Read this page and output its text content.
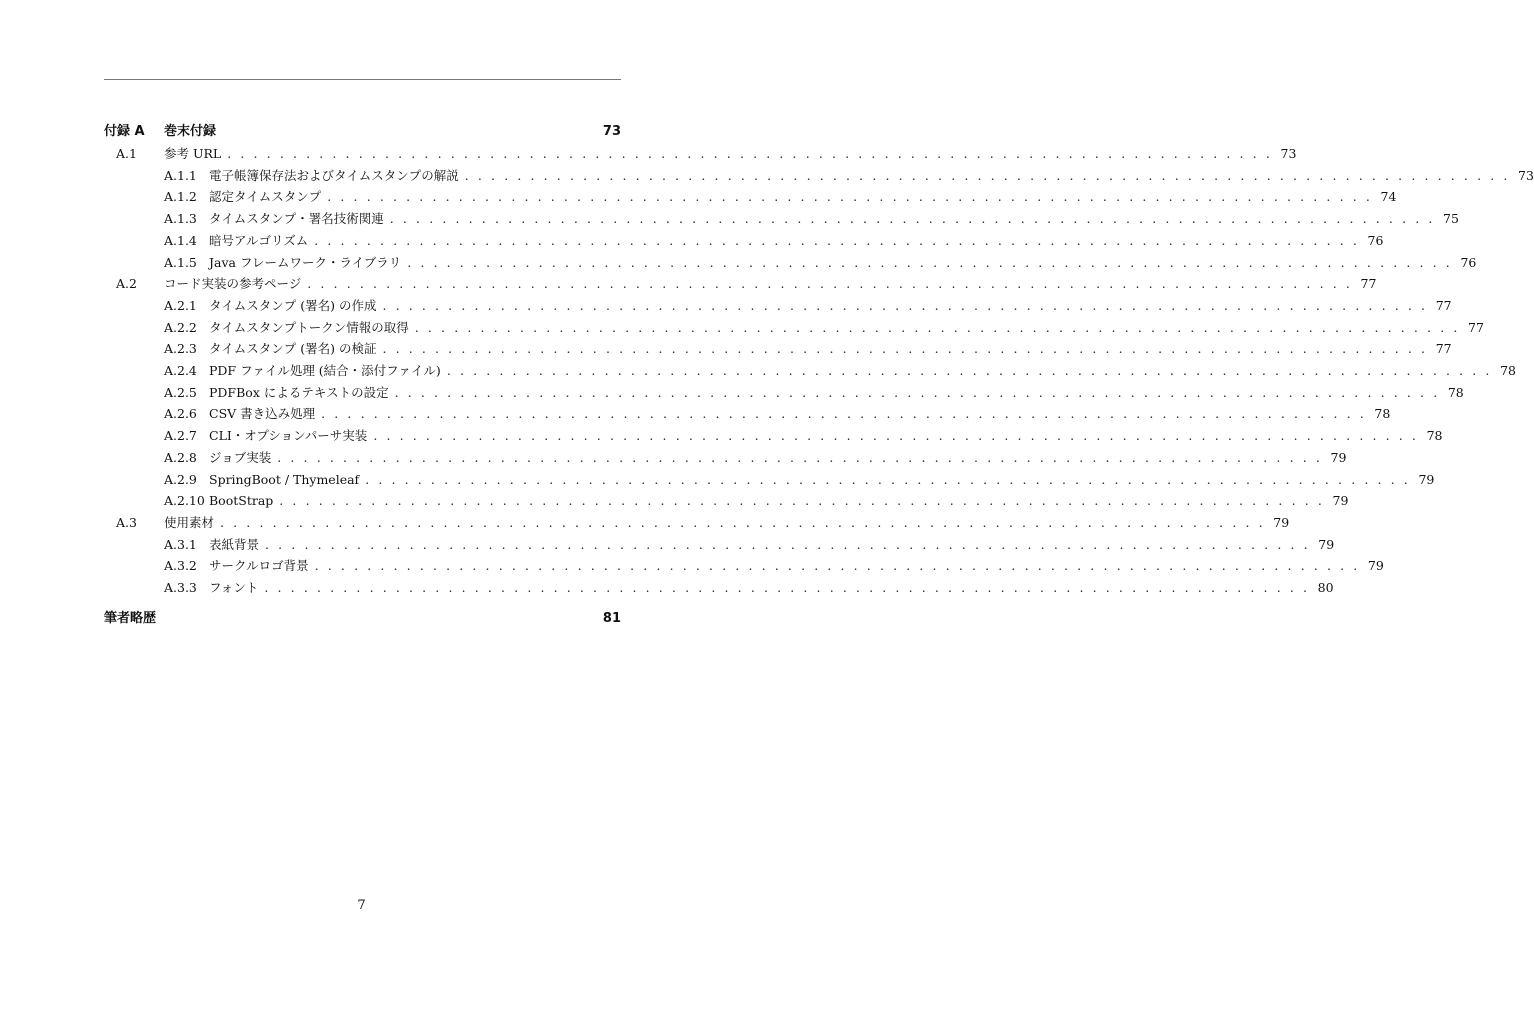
付録 A	巻末付録	73
A.1	参考 URL . . . . . . . . . . . . . . . . . . . . . . . . . . . . . . . . . . . . . . . . . . . . . . . . . . . . . . . . . . . . . . . . . . . . . . . . . . . . . . . . 73
A.1.1 電子帳簿保存法およびタイムスタンプの解説 . . . . . . . . . . . . . . . . . . . . . . . . . . . . . . . . . . . . . . . . . . . . . . . . . . . . . . . . . . . . . . . . . . . . . . . . . . . . . . . . 73
A.1.2 認定タイムスタンプ . . . . . . . . . . . . . . . . . . . . . . . . . . . . . . . . . . . . . . . . . . . . . . . . . . . . . . . . . . . . . . . . . . . . . . . . . . . . . . . . 74
A.1.3 タイムスタンプ・署名技術関連 . . . . . . . . . . . . . . . . . . . . . . . . . . . . . . . . . . . . . . . . . . . . . . . . . . . . . . . . . . . . . . . . . . . . . . . . . . . . . . . . 75
A.1.4 暗号アルゴリズム . . . . . . . . . . . . . . . . . . . . . . . . . . . . . . . . . . . . . . . . . . . . . . . . . . . . . . . . . . . . . . . . . . . . . . . . . . . . . . . . 76
A.1.5 Java フレームワーク・ライブラリ . . . . . . . . . . . . . . . . . . . . . . . . . . . . . . . . . . . . . . . . . . . . . . . . . . . . . . . . . . . . . . . . . . . . . . . . . . . . . . . . 76
A.2	コード実装の参考ページ . . . . . . . . . . . . . . . . . . . . . . . . . . . . . . . . . . . . . . . . . . . . . . . . . . . . . . . . . . . . . . . . . . . . . . . . . . . . . . . . 77
A.2.1 タイムスタンプ (署名) の作成 . . . . . . . . . . . . . . . . . . . . . . . . . . . . . . . . . . . . . . . . . . . . . . . . . . . . . . . . . . . . . . . . . . . . . . . . . . . . . . . . 77
A.2.2 タイムスタンプトークン情報の取得 . . . . . . . . . . . . . . . . . . . . . . . . . . . . . . . . . . . . . . . . . . . . . . . . . . . . . . . . . . . . . . . . . . . . . . . . . . . . . . . . 77
A.2.3 タイムスタンプ (署名) の検証 . . . . . . . . . . . . . . . . . . . . . . . . . . . . . . . . . . . . . . . . . . . . . . . . . . . . . . . . . . . . . . . . . . . . . . . . . . . . . . . . 77
A.2.4 PDF ファイル処理 (結合・添付ファイル) . . . . . . . . . . . . . . . . . . . . . . . . . . . . . . . . . . . . . . . . . . . . . . . . . . . . . . . . . . . . . . . . . . . . . . . . . . . . . . . . 78
A.2.5 PDFBox によるテキストの設定 . . . . . . . . . . . . . . . . . . . . . . . . . . . . . . . . . . . . . . . . . . . . . . . . . . . . . . . . . . . . . . . . . . . . . . . . . . . . . . . . 78
A.2.6 CSV 書き込み処理 . . . . . . . . . . . . . . . . . . . . . . . . . . . . . . . . . . . . . . . . . . . . . . . . . . . . . . . . . . . . . . . . . . . . . . . . . . . . . . . . 78
A.2.7 CLI・オプションパーサ実装 . . . . . . . . . . . . . . . . . . . . . . . . . . . . . . . . . . . . . . . . . . . . . . . . . . . . . . . . . . . . . . . . . . . . . . . . . . . . . . . . 78
A.2.8 ジョブ実装 . . . . . . . . . . . . . . . . . . . . . . . . . . . . . . . . . . . . . . . . . . . . . . . . . . . . . . . . . . . . . . . . . . . . . . . . . . . . . . . . 79
A.2.9 SpringBoot / Thymeleaf . . . . . . . . . . . . . . . . . . . . . . . . . . . . . . . . . . . . . . . . . . . . . . . . . . . . . . . . . . . . . . . . . . . . . . . . . . . . . . . . 79
A.2.10 BootStrap . . . . . . . . . . . . . . . . . . . . . . . . . . . . . . . . . . . . . . . . . . . . . . . . . . . . . . . . . . . . . . . . . . . . . . . . . . . . . . . . 79
A.3	使用素材 . . . . . . . . . . . . . . . . . . . . . . . . . . . . . . . . . . . . . . . . . . . . . . . . . . . . . . . . . . . . . . . . . . . . . . . . . . . . . . . . 79
A.3.1 表紙背景 . . . . . . . . . . . . . . . . . . . . . . . . . . . . . . . . . . . . . . . . . . . . . . . . . . . . . . . . . . . . . . . . . . . . . . . . . . . . . . . . 79
A.3.2 サークルロゴ背景 . . . . . . . . . . . . . . . . . . . . . . . . . . . . . . . . . . . . . . . . . . . . . . . . . . . . . . . . . . . . . . . . . . . . . . . . . . . . . . . . 79
A.3.3 フォント . . . . . . . . . . . . . . . . . . . . . . . . . . . . . . . . . . . . . . . . . . . . . . . . . . . . . . . . . . . . . . . . . . . . . . . . . . . . . . . . 80
筆者略歴	81
7
